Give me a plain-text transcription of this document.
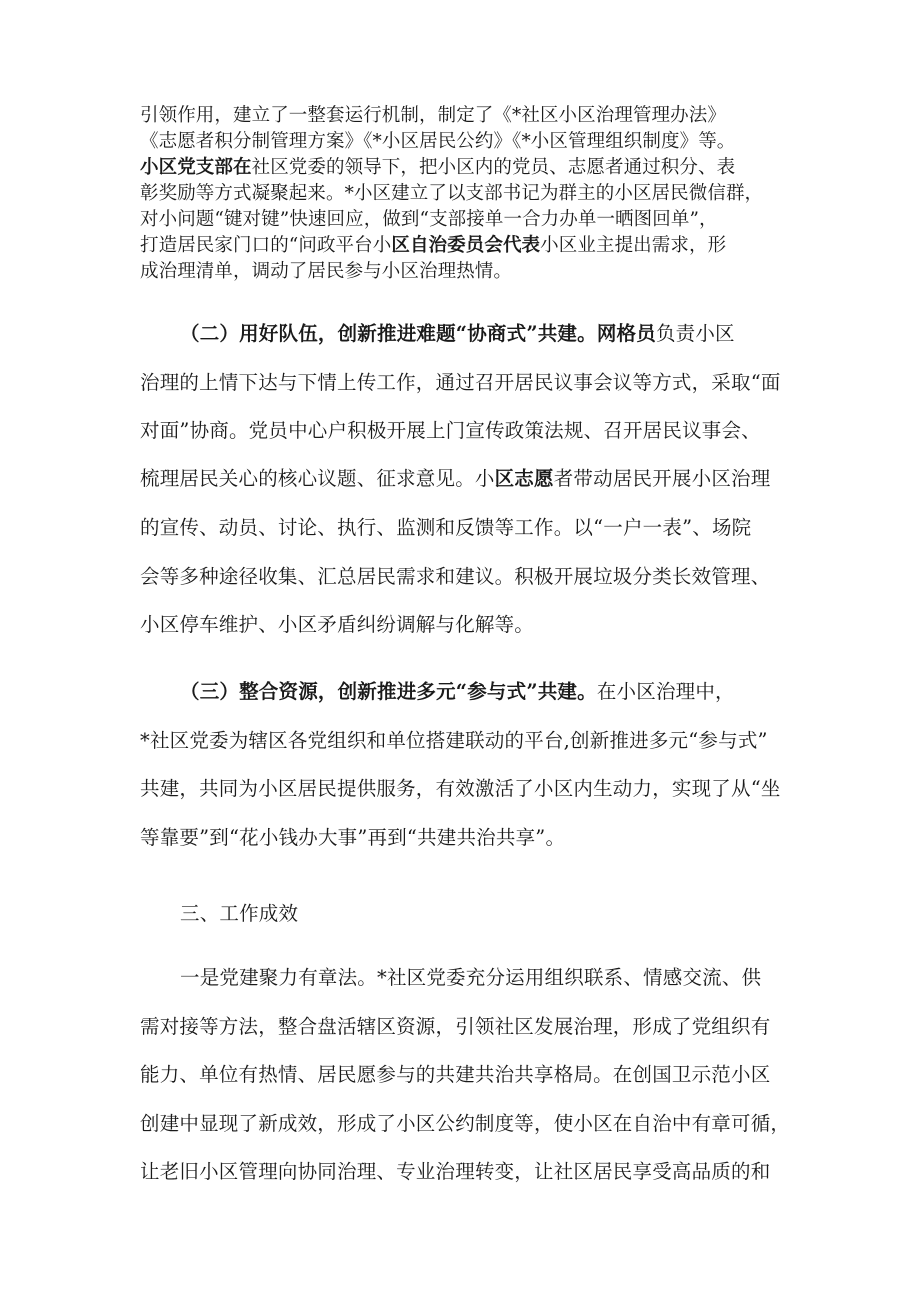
引领作用，建立了一整套运行机制，制定了《*社区小区治理管理办法》
《志愿者积分制管理方案》《*小区居民公约》《*小区管理组织制度》等。
小区党支部在社区党委的领导下，把小区内的党员、志愿者通过积分、表
彰奖励等方式凝聚起来。*小区建立了以支部书记为群主的小区居民微信群，
对小问题“键对键”快速回应，做到“支部接单一合力办单一晒图回单”，
打造居民家门口的“问政平台小区自治委员会代表小区业主提出需求，形
成治理清单，调动了居民参与小区治理热情。
（二）用好队伍，创新推进难题“协商式”共建。网格员负责小区
治理的上情下达与下情上传工作，通过召开居民议事会议等方式，采取“面
对面”协商。党员中心户积极开展上门宣传政策法规、召开居民议事会、
梳理居民关心的核心议题、征求意见。小区志愿者带动居民开展小区治理
的宣传、动员、讨论、执行、监测和反馈等工作。以“一户一表”、场院
会等多种途径收集、汇总居民需求和建议。积极开展垃圾分类长效管理、
小区停车维护、小区矛盾纠纷调解与化解等。
（三）整合资源，创新推进多元“参与式”共建。在小区治理中，
*社区党委为辖区各党组织和单位搭建联动的平台,创新推进多元“参与式”
共建，共同为小区居民提供服务，有效激活了小区内生动力，实现了从“坐
等靠要”到“花小钱办大事”再到“共建共治共享”。
三、工作成效
一是党建聚力有章法。*社区党委充分运用组织联系、情感交流、供
需对接等方法，整合盘活辖区资源，引领社区发展治理，形成了党组织有
能力、单位有热情、居民愿参与的共建共治共享格局。在创国卫示范小区
创建中显现了新成效，形成了小区公约制度等，使小区在自治中有章可循，
让老旧小区管理向协同治理、专业治理转变，让社区居民享受高品质的和
